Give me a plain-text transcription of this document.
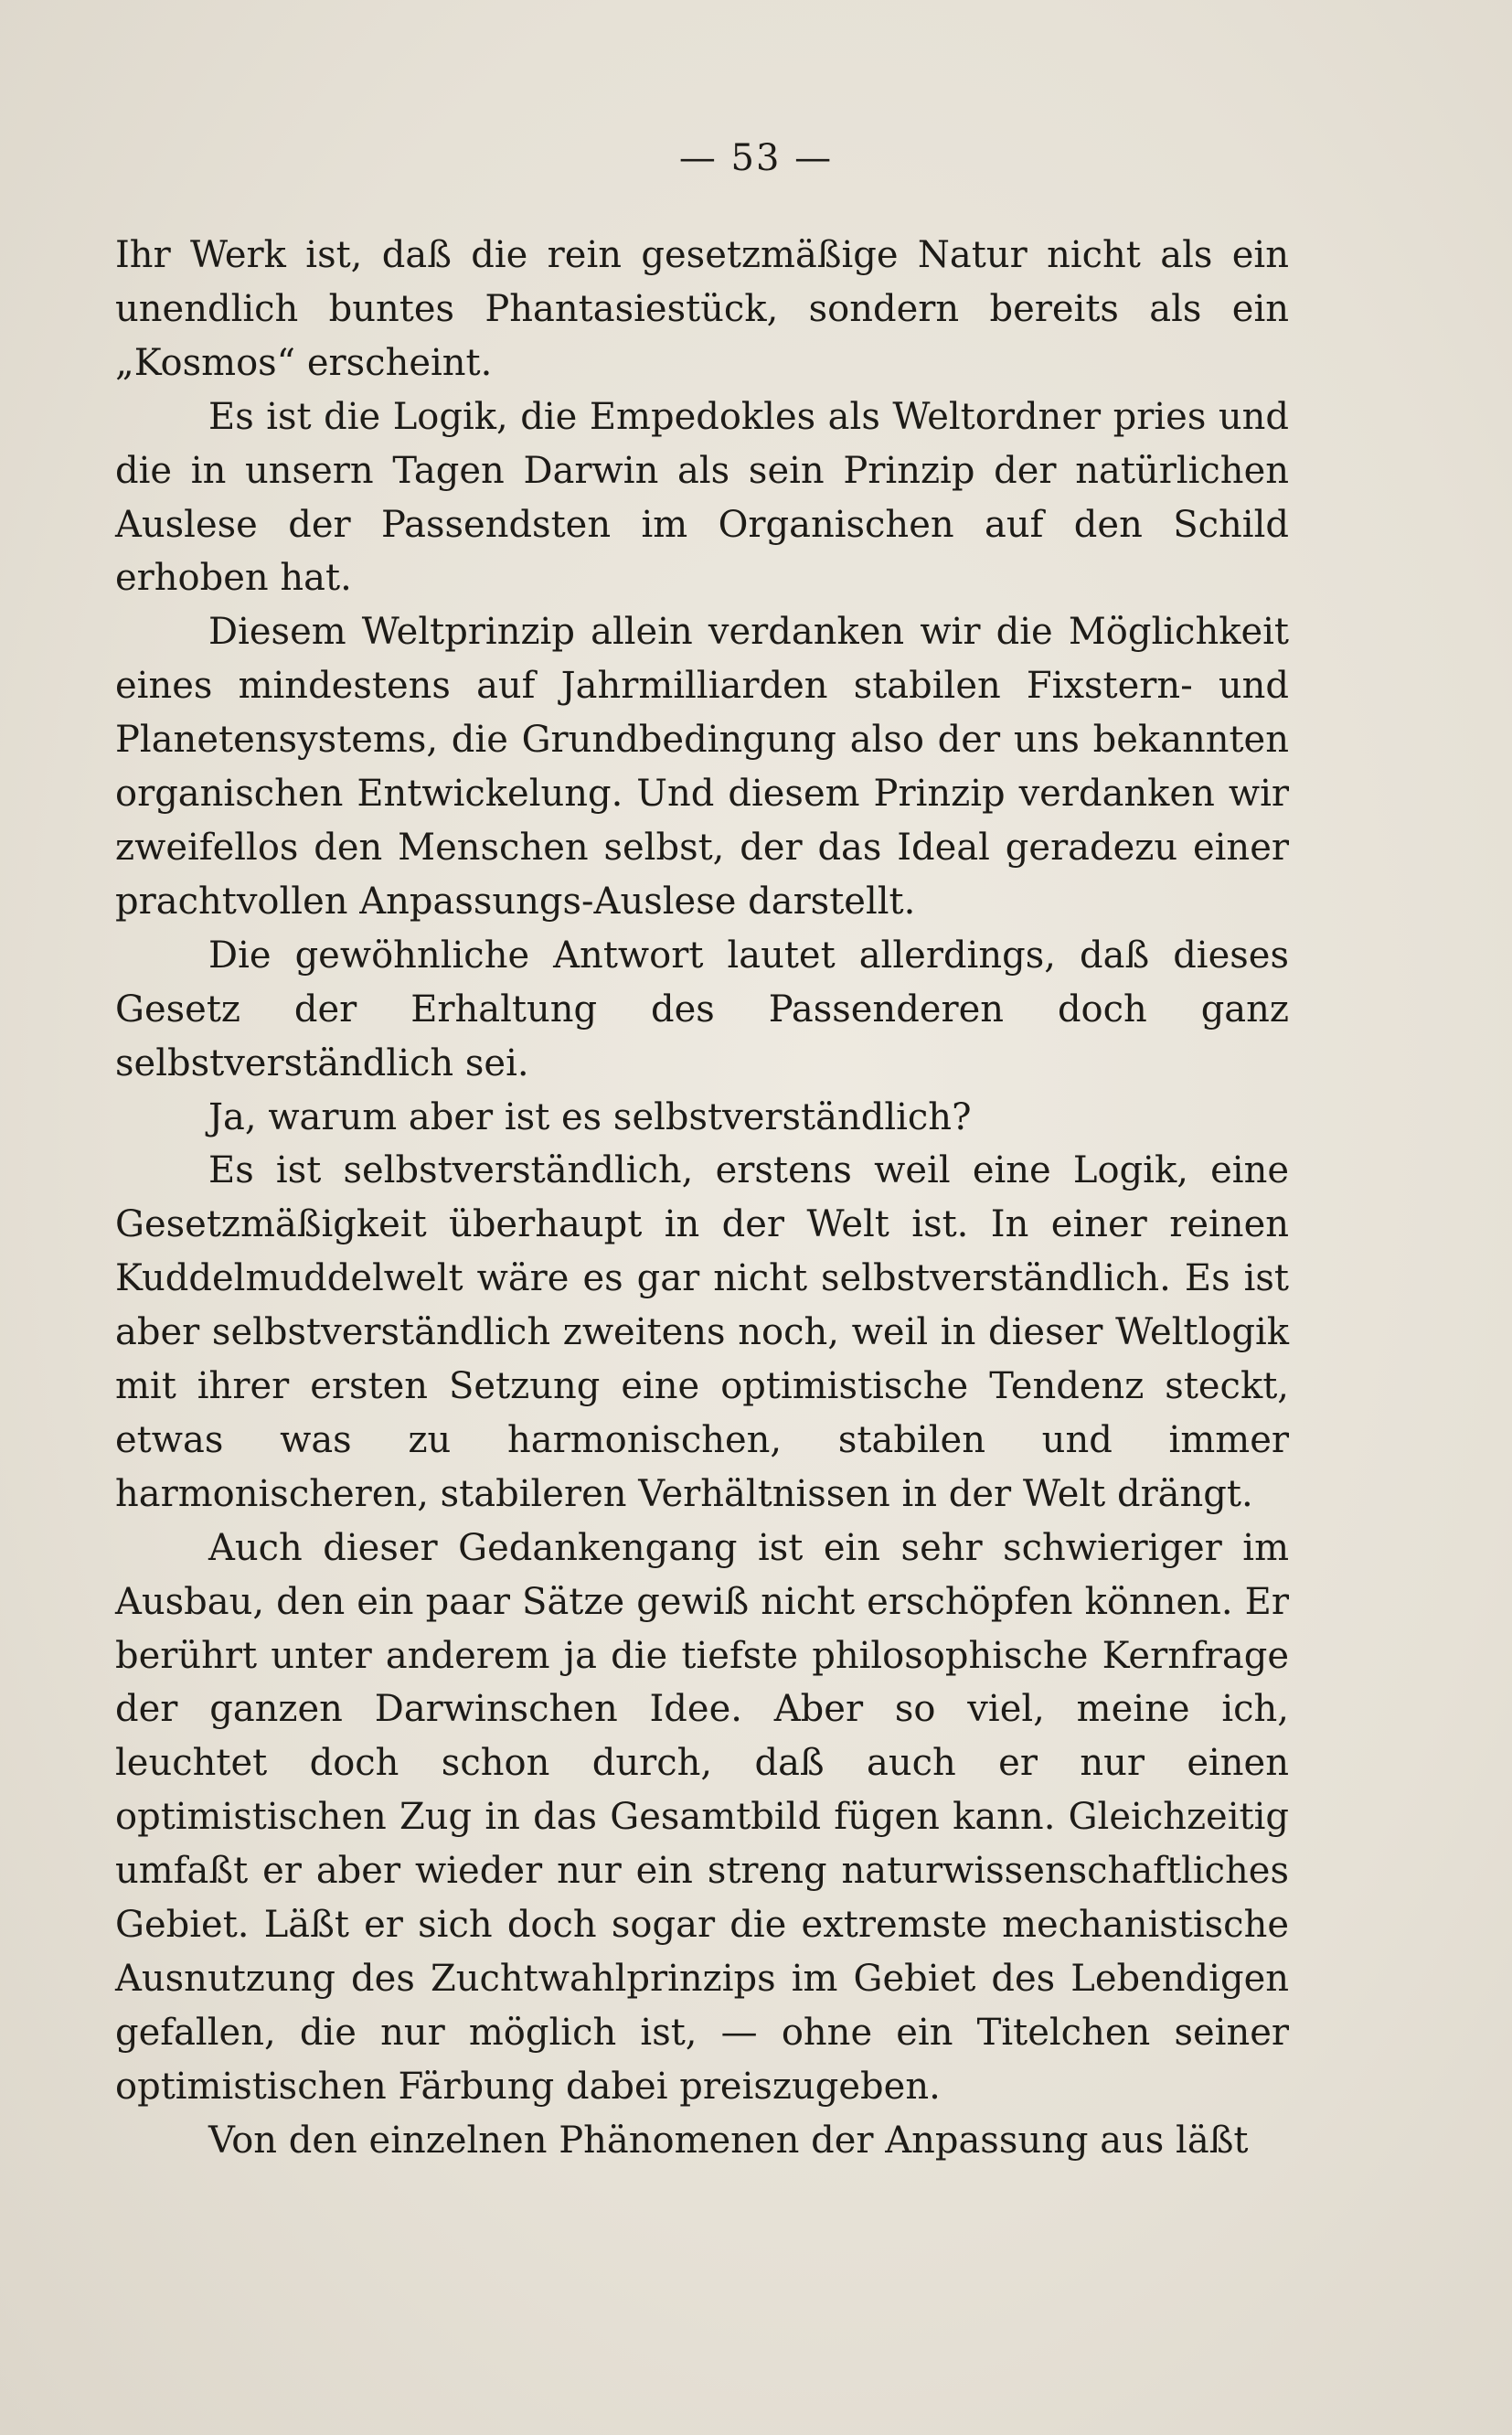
— 53 —

Ihr Werk ist, daß die rein gesetzmäßige Natur nicht als ein unendlich buntes Phantasiestück, sondern bereits als ein „Kosmos“ erscheint.

Es ist die Logik, die Empedokles als Weltordner pries und die in unsern Tagen Darwin als sein Prinzip der natürlichen Auslese der Passendsten im Organischen auf den Schild erhoben hat.

Diesem Weltprinzip allein verdanken wir die Möglichkeit eines mindestens auf Jahrmilliarden stabilen Fixstern- und Planetensystems, die Grundbedingung also der uns bekannten organischen Entwickelung. Und diesem Prinzip verdanken wir zweifellos den Menschen selbst, der das Ideal geradezu einer prachtvollen Anpassungs-Auslese darstellt.

Die gewöhnliche Antwort lautet allerdings, daß dieses Gesetz der Erhaltung des Passenderen doch ganz selbstverständlich sei.

Ja, warum aber ist es selbstverständlich?

Es ist selbstverständlich, erstens weil eine Logik, eine Gesetzmäßigkeit überhaupt in der Welt ist. In einer reinen Kuddelmuddelwelt wäre es gar nicht selbstverständlich. Es ist aber selbstverständlich zweitens noch, weil in dieser Weltlogik mit ihrer ersten Setzung eine optimistische Tendenz steckt, etwas was zu harmonischen, stabilen und immer harmonischeren, stabileren Verhältnissen in der Welt drängt.

Auch dieser Gedankengang ist ein sehr schwieriger im Ausbau, den ein paar Sätze gewiß nicht erschöpfen können. Er berührt unter anderem ja die tiefste philosophische Kernfrage der ganzen Darwinschen Idee. Aber so viel, meine ich, leuchtet doch schon durch, daß auch er nur einen optimistischen Zug in das Gesamtbild fügen kann. Gleichzeitig umfaßt er aber wieder nur ein streng naturwissenschaftliches Gebiet. Läßt er sich doch sogar die extremste mechanistische Ausnutzung des Zuchtwahlprinzips im Gebiet des Lebendigen gefallen, die nur möglich ist, — ohne ein Titelchen seiner optimistischen Färbung dabei preiszugeben.

Von den einzelnen Phänomenen der Anpassung aus läßt
